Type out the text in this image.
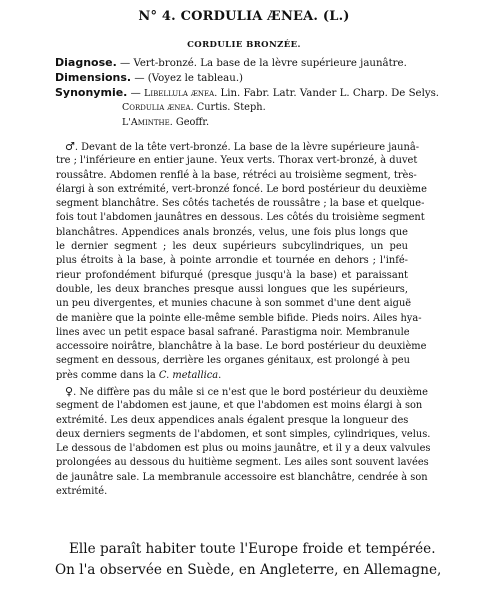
N° 4. CORDULIA ÆNEA. (L.)
CORDULIE BRONZÉE.
Diagnose. — Vert-bronzé. La base de la lèvre supérieure jaunâtre.
Dimensions. — (Voyez le tableau.)
Synonymie. — Libellula ænea. Lin. Fabr. Latr. Vander L. Charp. De Selys.
Cordulia ænea. Curtis. Steph.
L'Aminthe. Geoffr.
♂. Devant de la tête vert-bronzé. La base de la lèvre supérieure jaunâ-
tre ; l'inférieure en entier jaune. Yeux verts. Thorax vert-bronzé, à duvet
roussâtre. Abdomen renflé à la base, rétréci au troisième segment, très-
élargi à son extrémité, vert-bronzé foncé. Le bord postérieur du deuxième
segment blanchâtre. Ses côtés tachetés de roussâtre ; la base et quelque-
fois tout l'abdomen jaunâtres en dessous. Les côtés du troisième segment
blanchâtres. Appendices anals bronzés, velus, une fois plus longs que
le dernier segment ; les deux supérieurs subcylindriques, un peu
plus étroits à la base, à pointe arrondie et tournée en dehors ; l'infé-
rieur profondément bifurqué (presque jusqu'à la base) et paraissant
double, les deux branches presque aussi longues que les supérieurs,
un peu divergentes, et munies chacune à son sommet d'une dent aiguë
de manière que la pointe elle-même semble bifide. Pieds noirs. Ailes hya-
lines avec un petit espace basal safrané. Parastigma noir. Membranule
accessoire noirâtre, blanchâtre à la base. Le bord postérieur du deuxième
segment en dessous, derrière les organes génitaux, est prolongé à peu
près comme dans la C. metallica.
♀. Ne diffère pas du mâle si ce n'est que le bord postérieur du deuxième
segment de l'abdomen est jaune, et que l'abdomen est moins élargi à son
extrémité. Les deux appendices anals égalent presque la longueur des
deux derniers segments de l'abdomen, et sont simples, cylindriques, velus.
Le dessous de l'abdomen est plus ou moins jaunâtre, et il y a deux valvules
prolongées au dessous du huitième segment. Les ailes sont souvent lavées
de jaunâtre sale. La membranule accessoire est blanchâtre, cendrée à son
extrémité.
Elle paraît habiter toute l'Europe froide et tempérée.
On l'a observée en Suède, en Angleterre, en Allemagne,
